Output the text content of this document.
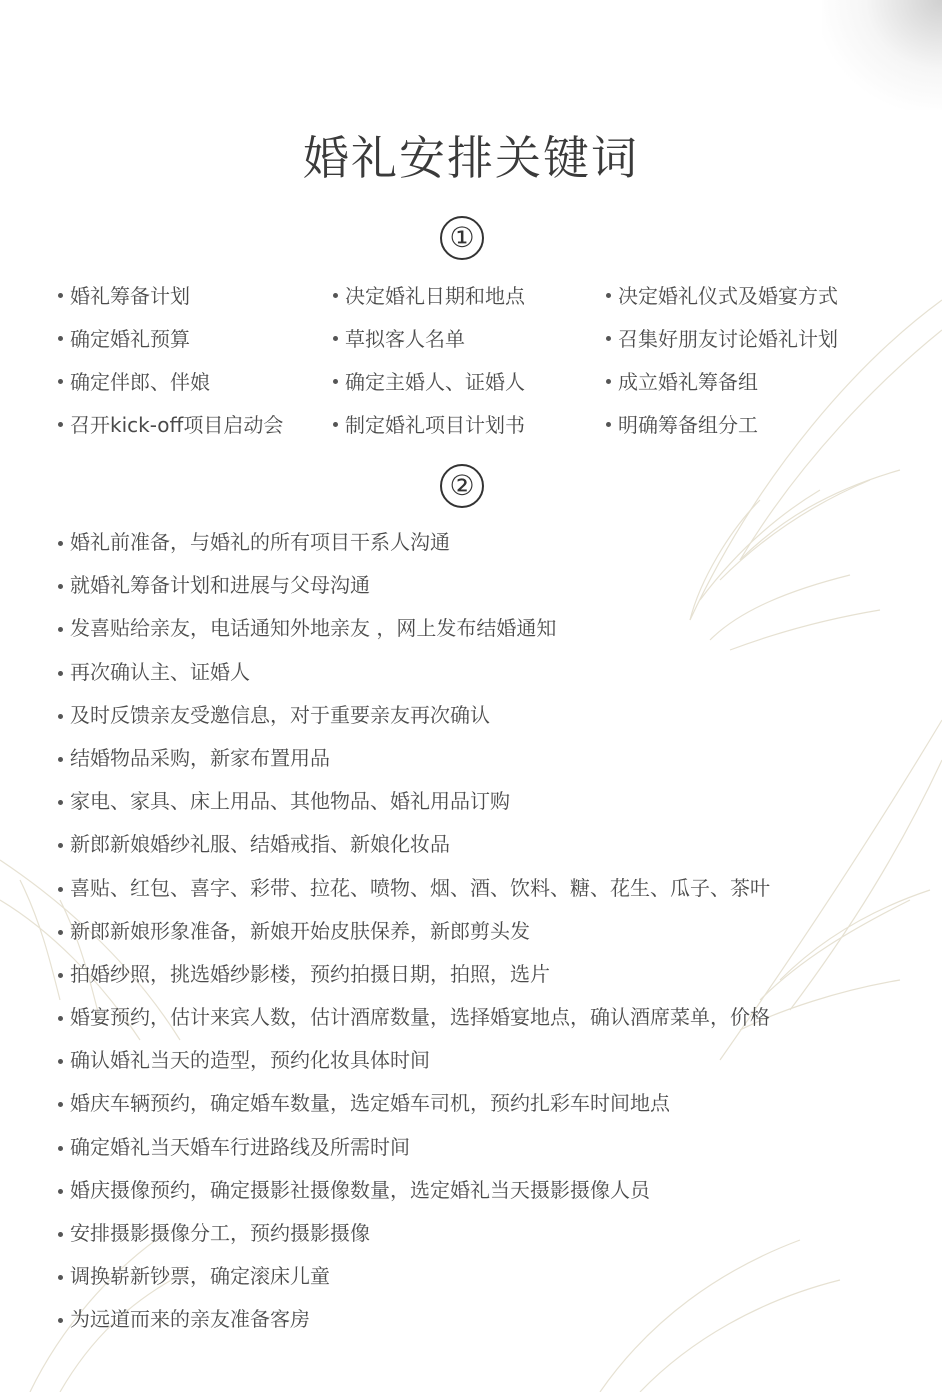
婚礼安排关键词
①
婚礼筹备计划	决定婚礼日期和地点	决定婚礼仪式及婚宴方式
确定婚礼预算	草拟客人名单	召集好朋友讨论婚礼计划
确定伴郎、伴娘	确定主婚人、证婚人	成立婚礼筹备组
召开kick-off项目启动会	制定婚礼项目计划书	明确筹备组分工
②
婚礼前准备，与婚礼的所有项目干系人沟通
就婚礼筹备计划和进展与父母沟通
发喜贴给亲友，电话通知外地亲友 ，网上发布结婚通知
再次确认主、证婚人
及时反馈亲友受邀信息，对于重要亲友再次确认
结婚物品采购，新家布置用品
家电、家具、床上用品、其他物品、婚礼用品订购
新郎新娘婚纱礼服、结婚戒指、新娘化妆品
喜贴、红包、喜字、彩带、拉花、喷物、烟、酒、饮料、糖、花生、瓜子、茶叶
新郎新娘形象准备，新娘开始皮肤保养，新郎剪头发
拍婚纱照，挑选婚纱影楼，预约拍摄日期，拍照，选片
婚宴预约，估计来宾人数，估计酒席数量，选择婚宴地点，确认酒席菜单，价格
确认婚礼当天的造型，预约化妆具体时间
婚庆车辆预约，确定婚车数量，选定婚车司机，预约扎彩车时间地点
确定婚礼当天婚车行进路线及所需时间
婚庆摄像预约，确定摄影社摄像数量，选定婚礼当天摄影摄像人员
安排摄影摄像分工，预约摄影摄像
调换崭新钞票，确定滚床儿童
为远道而来的亲友准备客房
